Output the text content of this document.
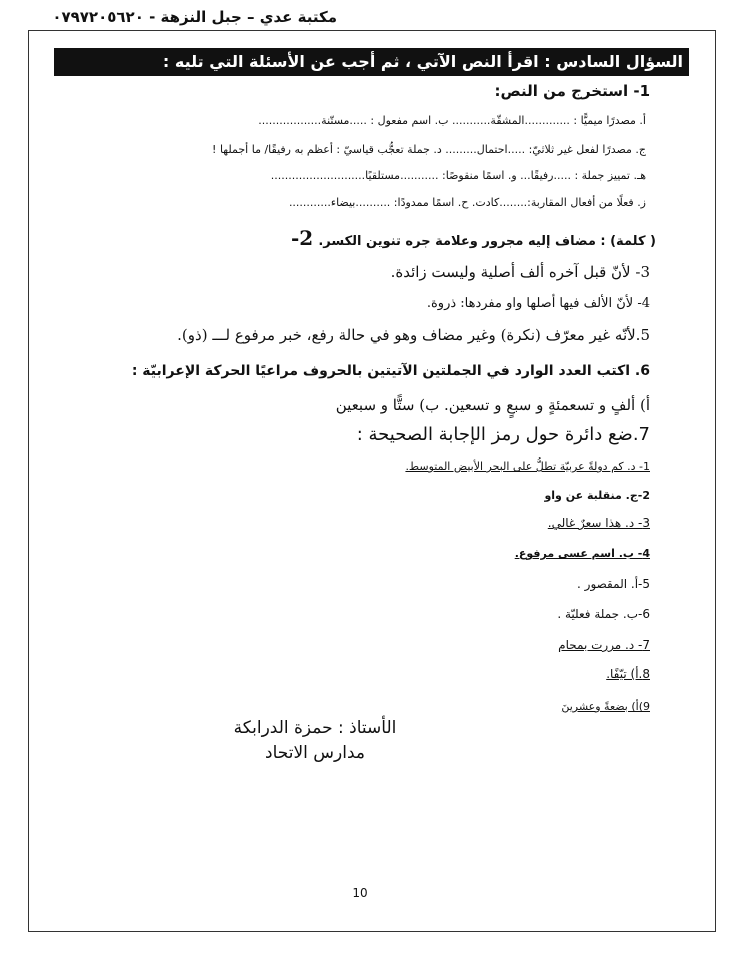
مكتبة عدي – جبل النزهة - ٠٧٩٧٢٠٥٦٢٠
السؤال السادس : اقرأ النص الآتي ، ثم أجب عن الأسئلة التي تليه :
1- استخرج من النص:
أ. مصدرًا ميميًّا : .............المشقّة........... ب. اسم مفعول : .....مستّنة..................
ج. مصدرًا لفعل غير ثلاثيّ: .....احتمال......... د. جملة تعجُّب قياسيّ : أعظم به رفيقًا/ ما أجملها !
هـ. تمييز جملة : .....رفيقًا... و. اسمًا منقوصًا: ...........مستلقيًا...........................
ز. فعلًا من أفعال المقاربة:........كادت. ح. اسمًا ممدودًا: ..........بيضاء............
( كلمة) : مضاف إليه مجرور وعلامة جره تنوين الكسر. 2-
3- لأنّ قبل آخره ألف أصلية وليست زائدة.
4- لأنّ الألف فيها أصلها واو مفردها: ذروة.
5.لأنّه غير معرّف (نكرة) وغير مضاف وهو في حالة رفع، خبر مرفوع لـــ (ذو).
6. اكتب العدد الوارد في الجملتين الآتيتين بالحروف مراعيًا الحركة الإعرابيّة :
أ) ألفٍ و تسعمئةٍ و سبعٍ و تسعين. ب) ستًّا و سبعين
7.ضع دائرة حول رمز الإجابة الصحيحة :
1- د. كم دولةً عربيّة تطلُّ على البحر الأبيض المتوسط.
2-ج. منقلبة عن واو
3- د. هذا سعرٌ غالي.
4- ب. اسم عسى مرفوع.
5-أ. المقصور .
6-ب. جملة فعليّة .
7- د. مررت بمحام
8.أ) تيّفًا.
9)أ) بضعةً وعشرينَ
الأستاذ : حمزة الدرابكة
مدارس الاتحاد
10
